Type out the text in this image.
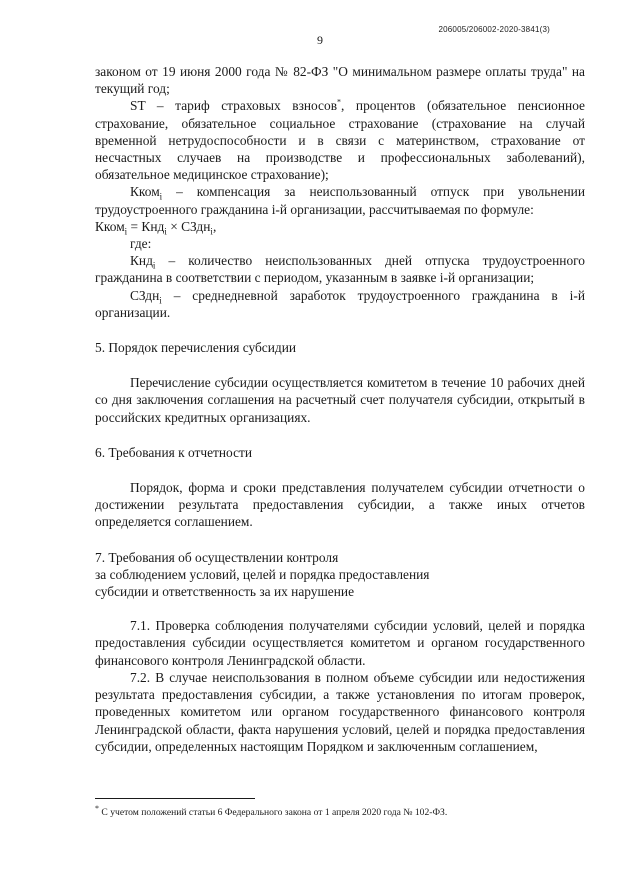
9
206005/206002-2020-3841(3)

законом от 19 июня 2000 года № 82-ФЗ "О минимальном размере оплаты труда" на текущий год;

ST – тариф страховых взносов*, процентов (обязательное пенсионное страхование, обязательное социальное страхование (страхование на случай временной нетрудоспособности и в связи с материнством, страхование от несчастных случаев на производстве и профессиональных заболеваний), обязательное медицинское страхование);

Кком$_i$ – компенсация за неиспользованный отпуск при увольнении трудоустроенного гражданина i-й организации, рассчитываемая по формуле:

Кком$_i$ = Кнд$_i$ × СЗдн$_i$,

где:

Кнд$_i$ – количество неиспользованных дней отпуска трудоустроенного гражданина в соответствии с периодом, указанным в заявке i-й организации;

СЗдн$_i$ – среднедневной заработок трудоустроенного гражданина в i-й организации.

5. Порядок перечисления субсидии

Перечисление субсидии осуществляется комитетом в течение 10 рабочих дней со дня заключения соглашения на расчетный счет получателя субсидии, открытый в российских кредитных организациях.

6. Требования к отчетности

Порядок, форма и сроки представления получателем субсидии отчетности о достижении результата предоставления субсидии, а также иных отчетов определяется соглашением.

7. Требования об осуществлении контроля

за соблюдением условий, целей и порядка предоставления

субсидии и ответственность за их нарушение

7.1. Проверка соблюдения получателями субсидии условий, целей и порядка предоставления субсидии осуществляется комитетом и органом государственного финансового контроля Ленинградской области.

7.2. В случае неиспользования в полном объеме субсидии или недостижения результата предоставления субсидии, а также установления по итогам проверок, проведенных комитетом или органом государственного финансового контроля Ленинградской области, факта нарушения условий, целей и порядка предоставления субсидии, определенных настоящим Порядком и заключенным соглашением,

* С учетом положений статьи 6 Федерального закона от 1 апреля 2020 года № 102-ФЗ.
